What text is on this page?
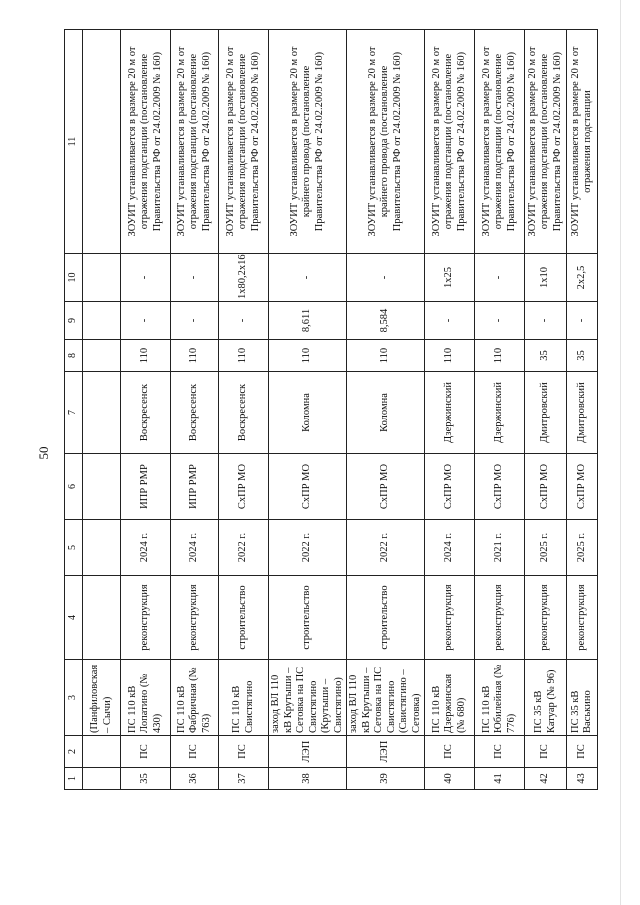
50
1	2	3	4	5	6	7	8	9	10	11
		(Панфиловская – Сычи)								
35	ПС	ПС 110 кВ Лопатино (№ 430)	реконструкция	2024 г.	ИПР РМР	Воскресенск	110	-	-	ЗОУИТ устанавливается в размере 20 м от отражения подстанции (постановление Правительства РФ от 24.02.2009 № 160)
36	ПС	ПС 110 кВ Фабричная (№ 763)	реконструкция	2024 г.	ИПР РМР	Воскресенск	110	-	-	ЗОУИТ устанавливается в размере 20 м от отражения подстанции (постановление Правительства РФ от 24.02.2009 № 160)
37	ПС	ПС 110 кВ Свистягино	строительство	2022 г.	СхПР МО	Воскресенск	110	-	1х80,2х16	ЗОУИТ устанавливается в размере 20 м от отражения подстанции (постановление Правительства РФ от 24.02.2009 № 160)
38	ЛЭП	заход ВЛ 110 кВ Крутыши – Сетовка на ПС Свистягино (Крутыши – Свистягино)	строительство	2022 г.	СхПР МО	Коломна	110	8,611	-	ЗОУИТ устанавливается в размере 20 м от крайнего провода (постановление Правительства РФ от 24.02.2009 № 160)
39	ЛЭП	заход ВЛ 110 кВ Крутыши – Сетовка на ПС Свистягино (Свистягино – Сетовка)	строительство	2022 г.	СхПР МО	Коломна	110	8,584	-	ЗОУИТ устанавливается в размере 20 м от крайнего провода (постановление Правительства РФ от 24.02.2009 № 160)
40	ПС	ПС 110 кВ Дзержинская (№ 680)	реконструкция	2024 г.	СхПР МО	Дзержинский	110	-	1х25	ЗОУИТ устанавливается в размере 20 м от отражения подстанции (постановление Правительства РФ от 24.02.2009 № 160)
41	ПС	ПС 110 кВ Юбилейная (№ 776)	реконструкция	2021 г.	СхПР МО	Дзержинский	110	-	-	ЗОУИТ устанавливается в размере 20 м от отражения подстанции (постановление Правительства РФ от 24.02.2009 № 160)
42	ПС	ПС 35 кВ Катуар (№ 96)	реконструкция	2025 г.	СхПР МО	Дмитровский	35	-	1х10	ЗОУИТ устанавливается в размере 20 м от отражения подстанции (постановление Правительства РФ от 24.02.2009 № 160)
43	ПС	ПС 35 кВ Васькино	реконструкция	2025 г.	СхПР МО	Дмитровский	35	-	2х2,5	ЗОУИТ устанавливается в размере 20 м от отражения подстанции
